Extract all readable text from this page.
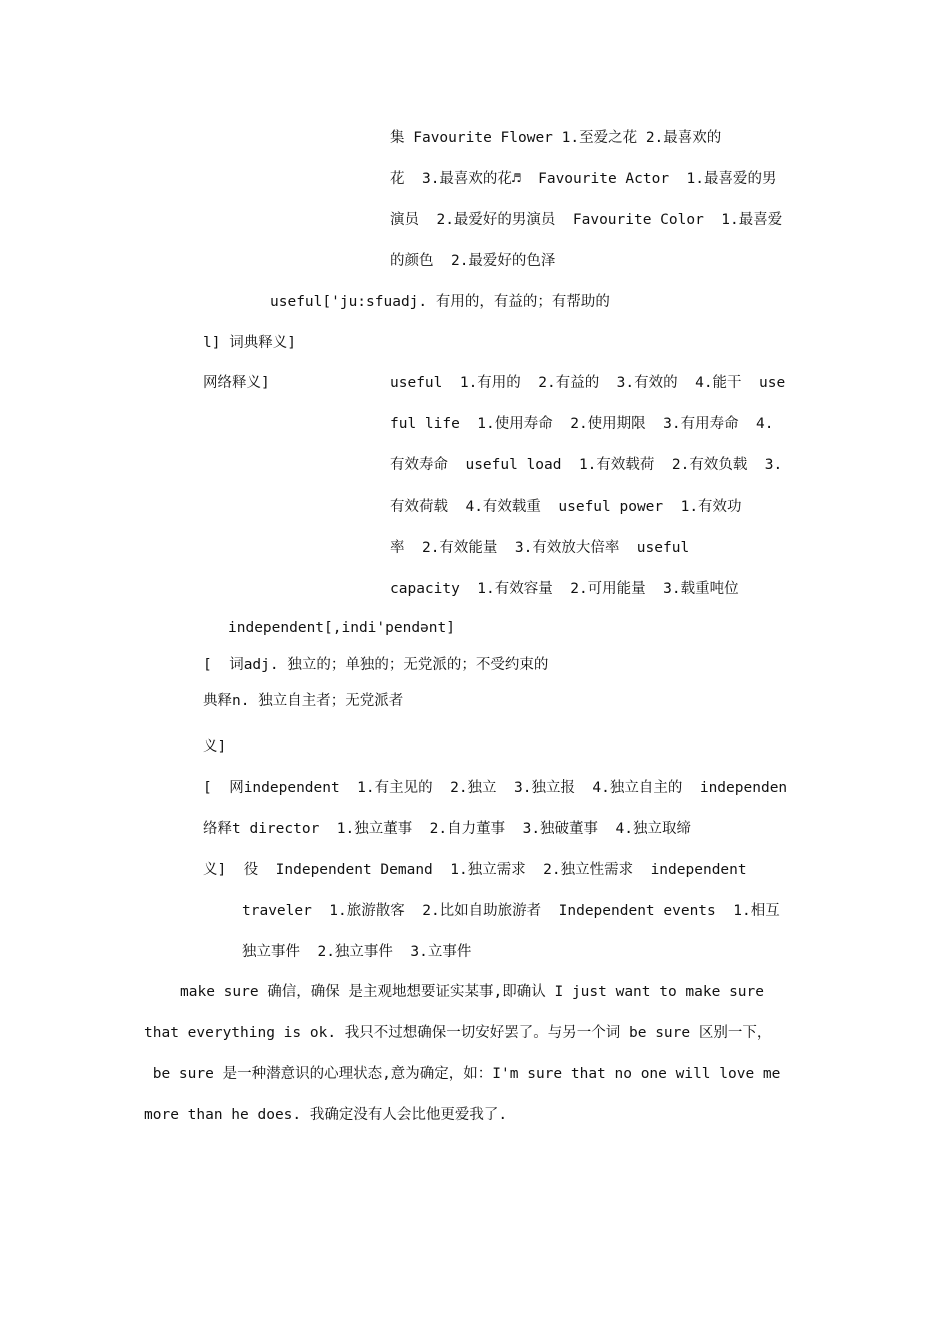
集 Favourite Flower 1.至爱之花 2.最喜欢的
花  3.最喜欢的花♬  Favourite Actor  1.最喜爱的男
演员  2.最爱好的男演员  Favourite Color  1.最喜爱
的颜色  2.最爱好的色泽
useful['ju:sfuadj. 有用的，有益的；有帮助的
l] 词典释义]
网络释义]	useful  1.有用的  2.有益的  3.有效的  4.能干  use
ful life  1.使用寿命  2.使用期限  3.有用寿命  4.
有效寿命  useful load  1.有效载荷  2.有效负载  3.
有效荷载  4.有效载重  useful power  1.有效功
率  2.有效能量  3.有效放大倍率  useful
capacity  1.有效容量  2.可用能量  3.载重吨位
independent[,indi'pendənt]
[  词adj. 独立的；单独的；无党派的；不受约束的
典释n. 独立自主者；无党派者
义]
[  网independent  1.有主见的  2.独立  3.独立报  4.独立自主的  independen
络释t director  1.独立董事  2.自力董事  3.独破董事  4.独立取缔
义]  役  Independent Demand  1.独立需求  2.独立性需求  independent
traveler  1.旅游散客  2.比如自助旅游者  Independent events  1.相互
独立事件  2.独立事件  3.立事件
make sure 确信，确保 是主观地想要证实某事,即确认 I just want to make sure
that everything is ok. 我只不过想确保一切安好罢了。与另一个词 be sure 区别一下，
be sure 是一种潜意识的心理状态,意为确定，如：I'm sure that no one will love me
more than he does. 我确定没有人会比他更爱我了.
